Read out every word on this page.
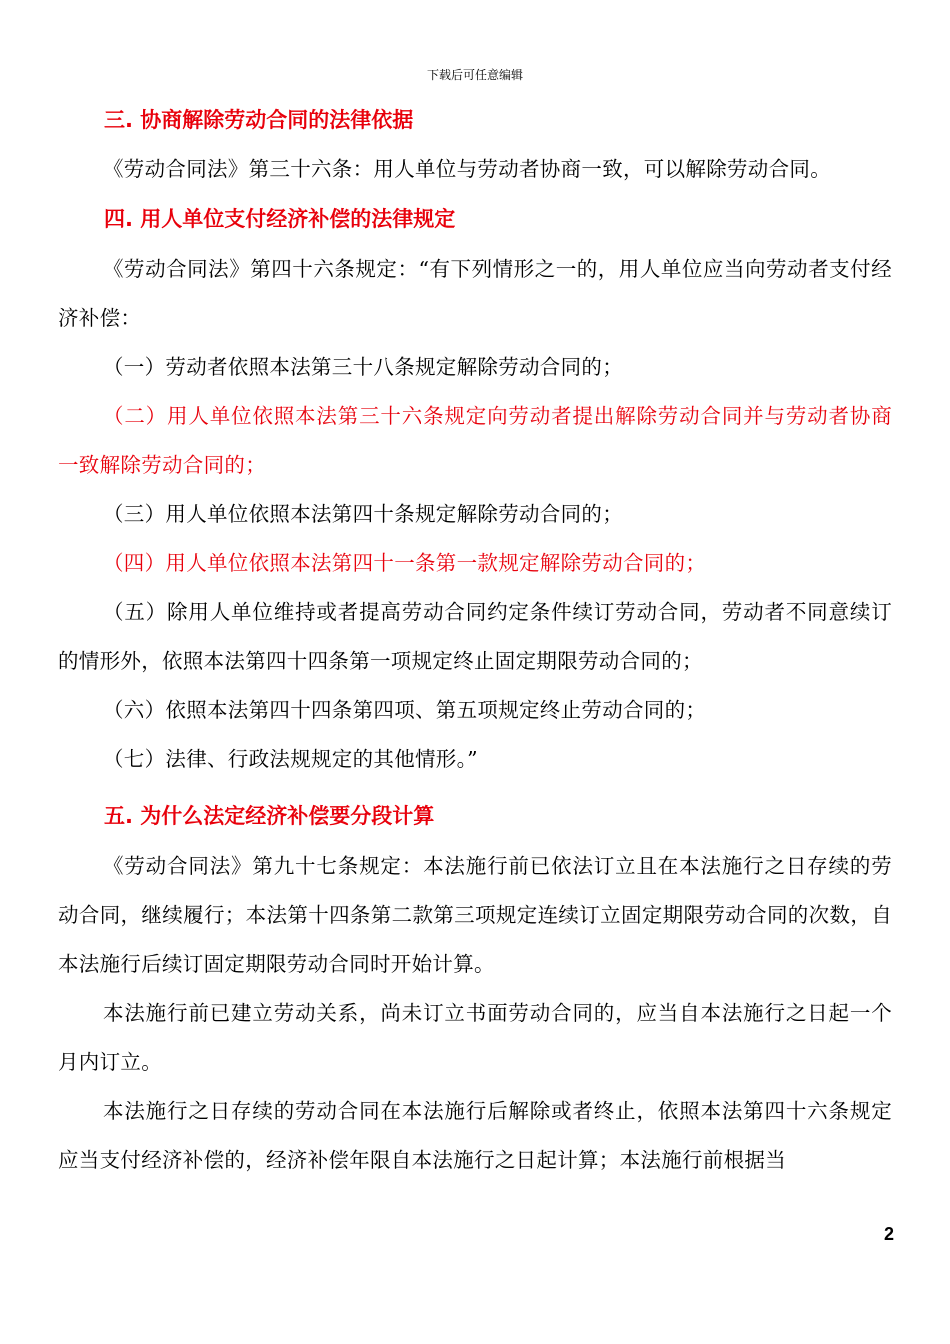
下载后可任意编辑
三. 协商解除劳动合同的法律依据

《劳动合同法》第三十六条：用人单位与劳动者协商一致，可以解除劳动合同。

四. 用人单位支付经济补偿的法律规定

《劳动合同法》第四十六条规定：“有下列情形之一的，用人单位应当向劳动者支付经济补偿：

（一）劳动者依照本法第三十八条规定解除劳动合同的；

（二）用人单位依照本法第三十六条规定向劳动者提出解除劳动合同并与劳动者协商一致解除劳动合同的；

（三）用人单位依照本法第四十条规定解除劳动合同的；

（四）用人单位依照本法第四十一条第一款规定解除劳动合同的；

（五）除用人单位维持或者提高劳动合同约定条件续订劳动合同，劳动者不同意续订的情形外，依照本法第四十四条第一项规定终止固定期限劳动合同的；

（六）依照本法第四十四条第四项、第五项规定终止劳动合同的；

（七）法律、行政法规规定的其他情形。”

五. 为什么法定经济补偿要分段计算

《劳动合同法》第九十七条规定：本法施行前已依法订立且在本法施行之日存续的劳动合同，继续履行；本法第十四条第二款第三项规定连续订立固定期限劳动合同的次数，自本法施行后续订固定期限劳动合同时开始计算。

本法施行前已建立劳动关系，尚未订立书面劳动合同的，应当自本法施行之日起一个月内订立。

本法施行之日存续的劳动合同在本法施行后解除或者终止，依照本法第四十六条规定应当支付经济补偿的，经济补偿年限自本法施行之日起计算；本法施行前根据当

2
